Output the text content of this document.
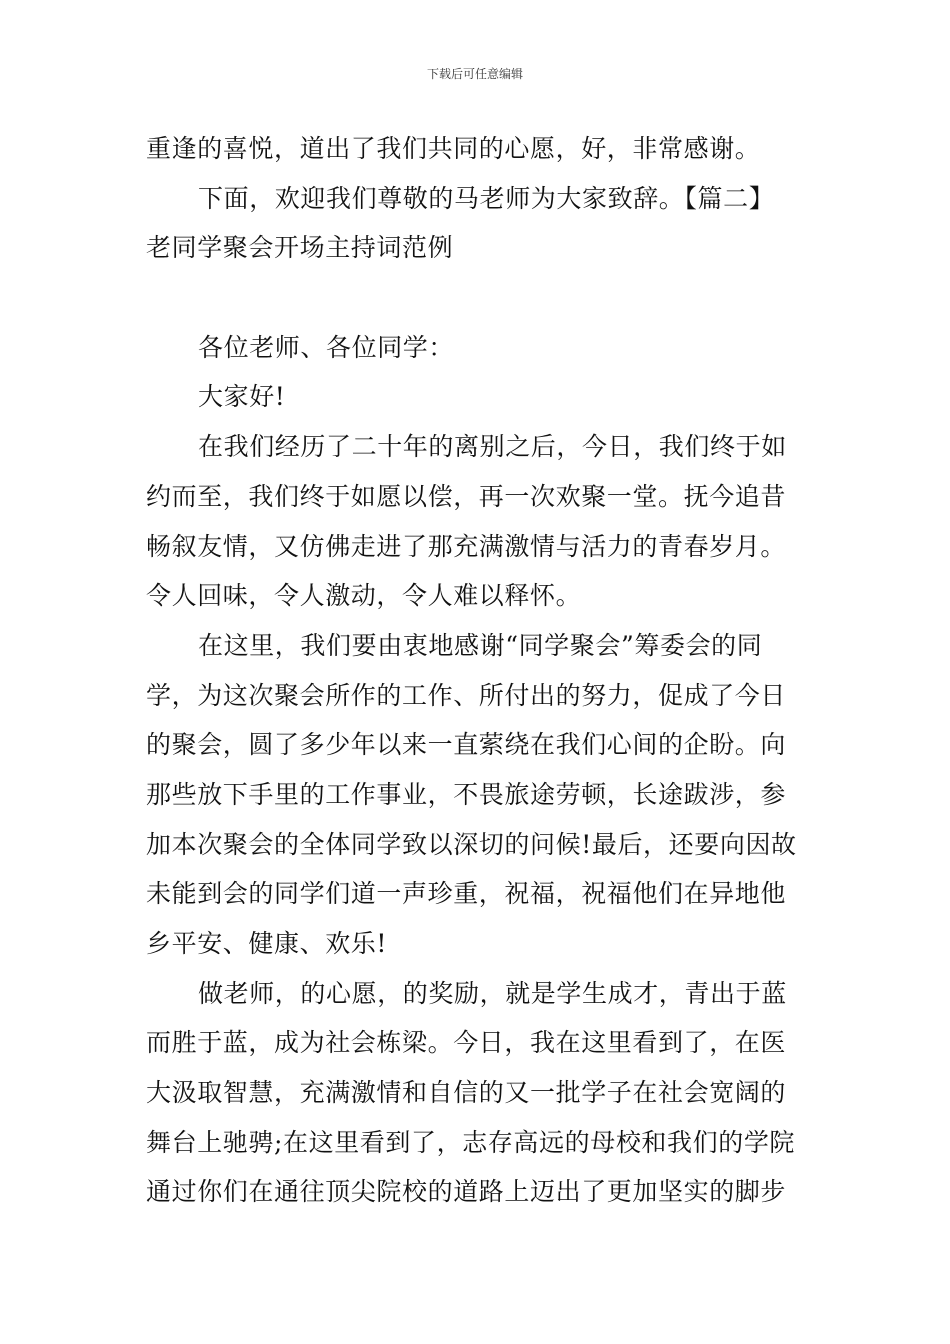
下载后可任意编辑
重逢的喜悦，道出了我们共同的心愿，好，非常感谢。
下面，欢迎我们尊敬的马老师为大家致辞。【篇二】
老同学聚会开场主持词范例
各位老师、各位同学：
大家好!
在我们经历了二十年的离别之后，今日，我们终于如
约而至，我们终于如愿以偿，再一次欢聚一堂。抚今追昔
畅叙友情，又仿佛走进了那充满激情与活力的青春岁月。
令人回味，令人激动，令人难以释怀。
在这里，我们要由衷地感谢“同学聚会”筹委会的同
学，为这次聚会所作的工作、所付出的努力，促成了今日
的聚会，圆了多少年以来一直萦绕在我们心间的企盼。向
那些放下手里的工作事业，不畏旅途劳顿，长途跋涉，参
加本次聚会的全体同学致以深切的问候!最后，还要向因故
未能到会的同学们道一声珍重，祝福，祝福他们在异地他
乡平安、健康、欢乐!
做老师，的心愿，的奖励，就是学生成才，青出于蓝
而胜于蓝，成为社会栋梁。今日，我在这里看到了，在医
大汲取智慧，充满激情和自信的又一批学子在社会宽阔的
舞台上驰骋;在这里看到了，志存高远的母校和我们的学院
通过你们在通往顶尖院校的道路上迈出了更加坚实的脚步
